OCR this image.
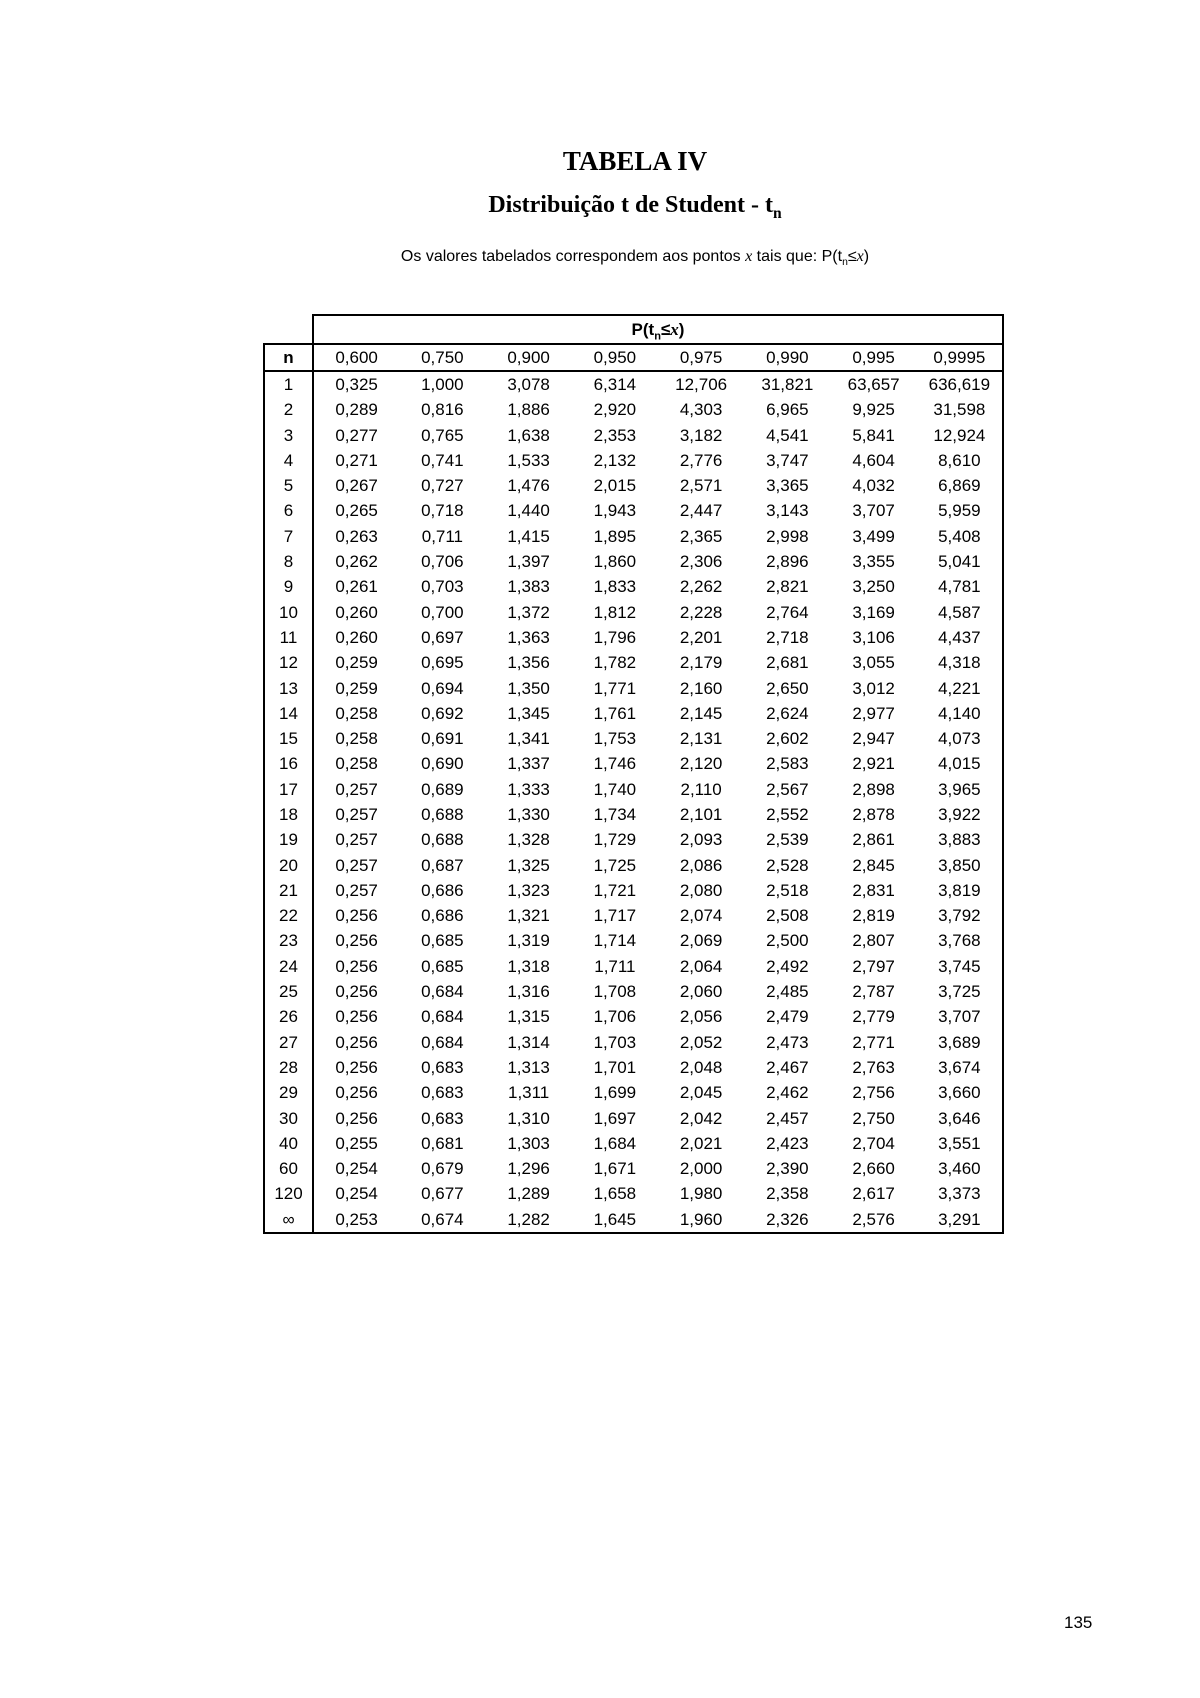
TABELA IV
Distribuição t de Student - $t_n$
Os valores tabelados correspondem aos pontos x tais que: $P(t_n\le x)$
	$P(t_n\le x)$							
n	0,600	0,750	0,900	0,950	0,975	0,990	0,995	0,9995
1	0,325	1,000	3,078	6,314	12,706	31,821	63,657	636,619
2	0,289	0,816	1,886	2,920	4,303	6,965	9,925	31,598
3	0,277	0,765	1,638	2,353	3,182	4,541	5,841	12,924
4	0,271	0,741	1,533	2,132	2,776	3,747	4,604	8,610
5	0,267	0,727	1,476	2,015	2,571	3,365	4,032	6,869
6	0,265	0,718	1,440	1,943	2,447	3,143	3,707	5,959
7	0,263	0,711	1,415	1,895	2,365	2,998	3,499	5,408
8	0,262	0,706	1,397	1,860	2,306	2,896	3,355	5,041
9	0,261	0,703	1,383	1,833	2,262	2,821	3,250	4,781
10	0,260	0,700	1,372	1,812	2,228	2,764	3,169	4,587
11	0,260	0,697	1,363	1,796	2,201	2,718	3,106	4,437
12	0,259	0,695	1,356	1,782	2,179	2,681	3,055	4,318
13	0,259	0,694	1,350	1,771	2,160	2,650	3,012	4,221
14	0,258	0,692	1,345	1,761	2,145	2,624	2,977	4,140
15	0,258	0,691	1,341	1,753	2,131	2,602	2,947	4,073
16	0,258	0,690	1,337	1,746	2,120	2,583	2,921	4,015
17	0,257	0,689	1,333	1,740	2,110	2,567	2,898	3,965
18	0,257	0,688	1,330	1,734	2,101	2,552	2,878	3,922
19	0,257	0,688	1,328	1,729	2,093	2,539	2,861	3,883
20	0,257	0,687	1,325	1,725	2,086	2,528	2,845	3,850
21	0,257	0,686	1,323	1,721	2,080	2,518	2,831	3,819
22	0,256	0,686	1,321	1,717	2,074	2,508	2,819	3,792
23	0,256	0,685	1,319	1,714	2,069	2,500	2,807	3,768
24	0,256	0,685	1,318	1,711	2,064	2,492	2,797	3,745
25	0,256	0,684	1,316	1,708	2,060	2,485	2,787	3,725
26	0,256	0,684	1,315	1,706	2,056	2,479	2,779	3,707
27	0,256	0,684	1,314	1,703	2,052	2,473	2,771	3,689
28	0,256	0,683	1,313	1,701	2,048	2,467	2,763	3,674
29	0,256	0,683	1,311	1,699	2,045	2,462	2,756	3,660
30	0,256	0,683	1,310	1,697	2,042	2,457	2,750	3,646
40	0,255	0,681	1,303	1,684	2,021	2,423	2,704	3,551
60	0,254	0,679	1,296	1,671	2,000	2,390	2,660	3,460
120	0,254	0,677	1,289	1,658	1,980	2,358	2,617	3,373
∞	0,253	0,674	1,282	1,645	1,960	2,326	2,576	3,291
135
